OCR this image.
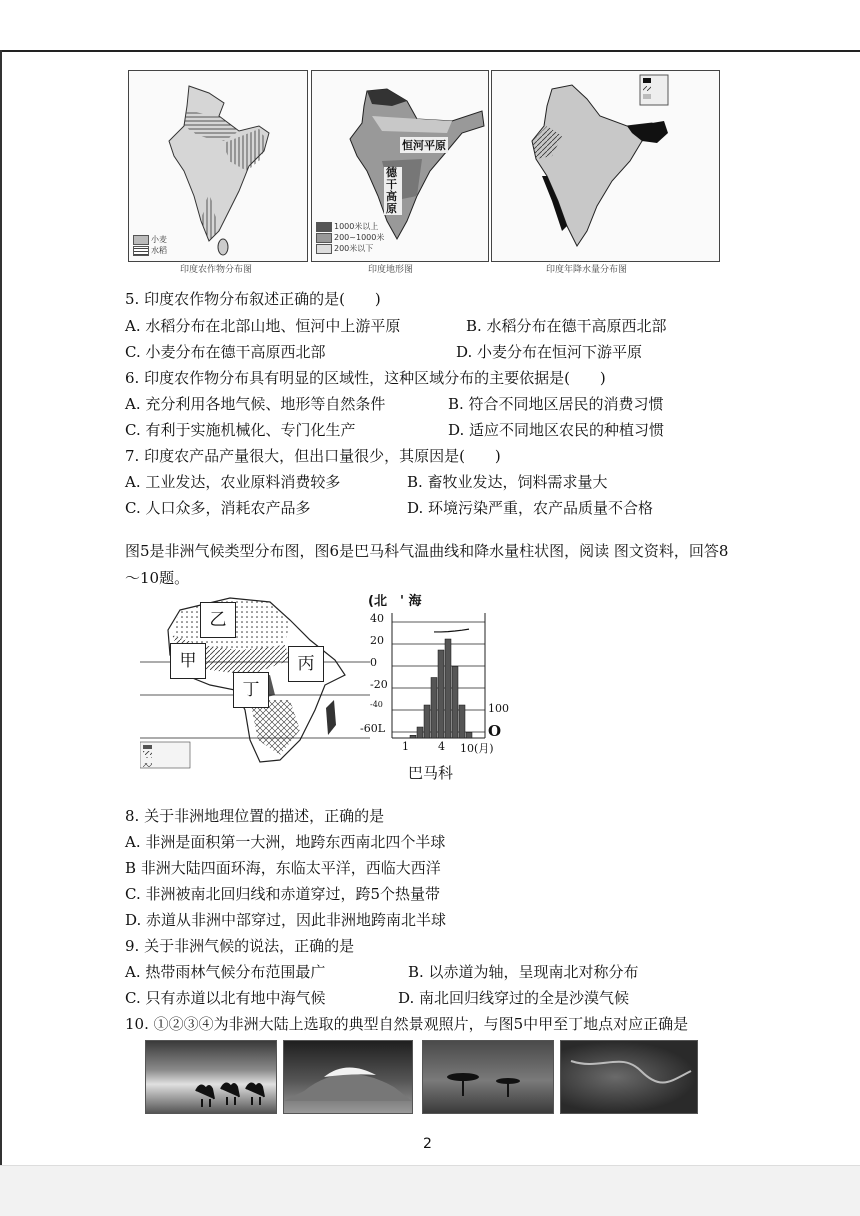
小麦
水稻
恒河平原
德干高原
1000米以上
200~1000米
200米以下
印度农作物分布图	印度地形图	印度年降水量分布图
5. 印度农作物分布叙述正确的是(　　)
A. 水稻分布在北部山地、恒河中上游平原	B. 水稻分布在德干高原西北部
C. 小麦分布在德干高原西北部	D. 小麦分布在恒河下游平原
6. 印度农作物分布具有明显的区域性，这种区域分布的主要依据是(　　)
A. 充分利用各地气候、地形等自然条件	B. 符合不同地区居民的消费习惯
C. 有利于实施机械化、专门化生产	D. 适应不同地区农民的种植习惯
7. 印度农产品产量很大，但出口量很少，其原因是(　　)
A. 工业发达，农业原料消费较多	B. 畜牧业发达，饲料需求量大
C. 人口众多，消耗农产品多	D. 环境污染严重，农产品质量不合格
图5是非洲气候类型分布图，图6是巴马科气温曲线和降水量柱状图，阅读 图文资料，回答8～10题。
乙
甲	丙
丁
(北　' 海
40
20
0
-20
-40
-60L
100
O
1	4 10(月)
巴马科
8. 关于非洲地理位置的描述，正确的是
A. 非洲是面积第一大洲，地跨东西南北四个半球
B 非洲大陆四面环海，东临太平洋，西临大西洋
C. 非洲被南北回归线和赤道穿过，跨5个热量带
D. 赤道从非洲中部穿过，因此非洲地跨南北半球
9. 关于非洲气候的说法，正确的是
A. 热带雨林气候分布范围最广	B. 以赤道为轴，呈现南北对称分布
C. 只有赤道以北有地中海气候	D. 南北回归线穿过的全是沙漠气候
10. ①②③④为非洲大陆上选取的典型自然景观照片，与图5中甲至丁地点对应正确是
2
